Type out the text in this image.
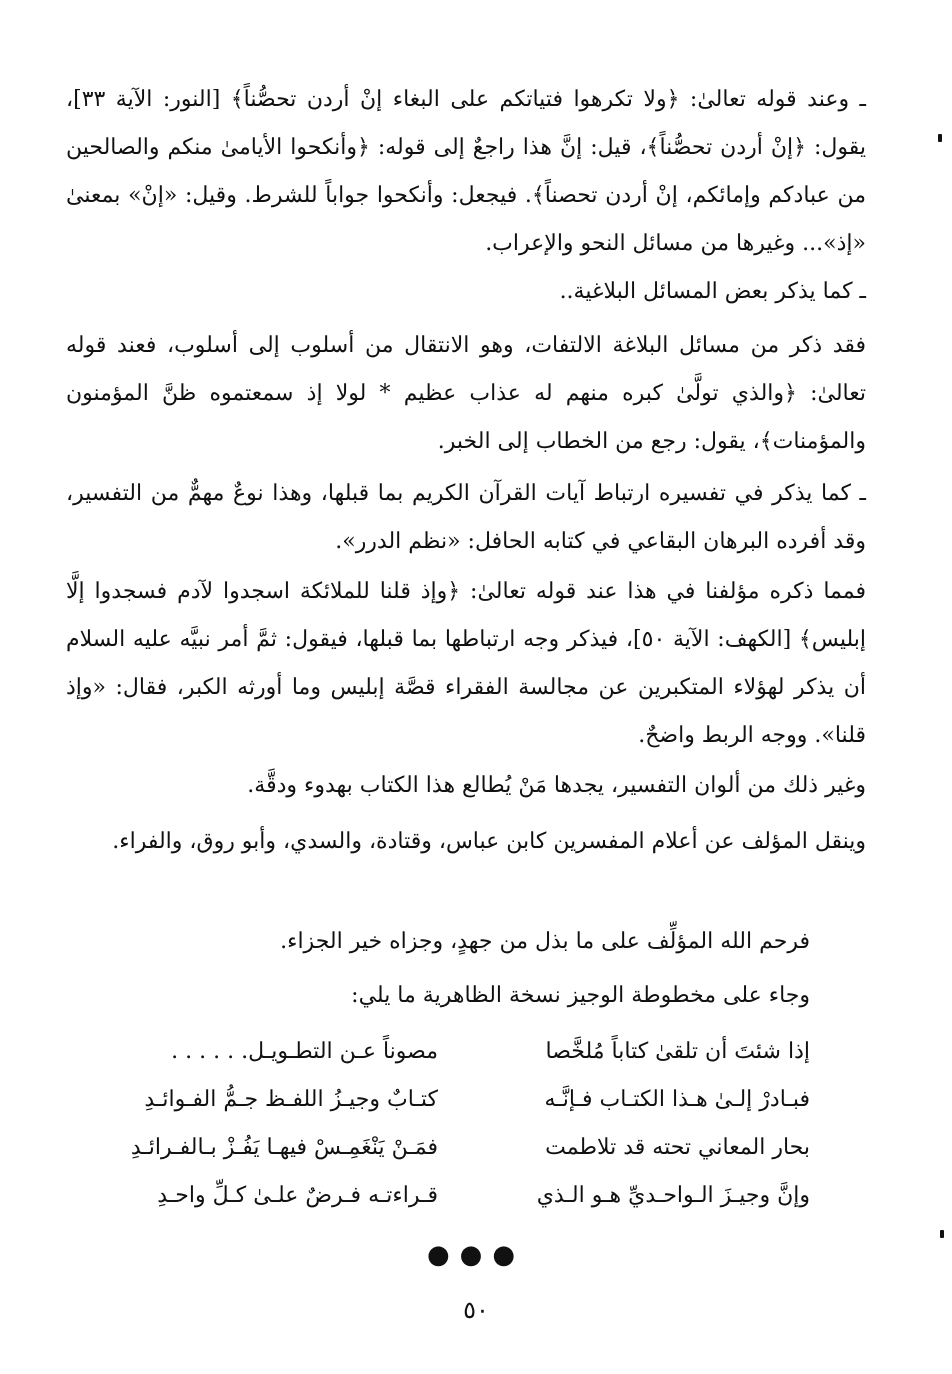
ـ وعند قوله تعالىٰ: ﴿ولا تكرهوا فتياتكم على البغاء إنْ أردن تحصُّناً﴾ [النور: الآية ٣٣]، يقول: ﴿إنْ أردن تحصُّناً﴾، قيل: إنَّ هذا راجعٌ إلى قوله: ﴿وأنكحوا الأيامىٰ منكم والصالحين من عبادكم وإمائكم، إنْ أردن تحصناً﴾. فيجعل: وأنكحوا جواباً للشرط. وقيل: «إنْ» بمعنىٰ «إذ»... وغيرها من مسائل النحو والإعراب.

ـ كما يذكر بعض المسائل البلاغية..

فقد ذكر من مسائل البلاغة الالتفات، وهو الانتقال من أسلوب إلى أسلوب، فعند قوله تعالىٰ: ﴿والذي تولَّىٰ كبره منهم له عذاب عظيم * لولا إذ سمعتموه ظنَّ المؤمنون والمؤمنات﴾، يقول: رجع من الخطاب إلى الخبر.

ـ كما يذكر في تفسيره ارتباط آيات القرآن الكريم بما قبلها، وهذا نوعٌ مهمٌّ من التفسير، وقد أفرده البرهان البقاعي في كتابه الحافل: «نظم الدرر».

فمما ذكره مؤلفنا في هذا عند قوله تعالىٰ: ﴿وإذ قلنا للملائكة اسجدوا لآدم فسجدوا إلَّا إبليس﴾ [الكهف: الآية ٥٠]، فيذكر وجه ارتباطها بما قبلها، فيقول: ثمَّ أمر نبيَّه عليه السلام أن يذكر لهؤلاء المتكبرين عن مجالسة الفقراء قصَّة إبليس وما أورثه الكبر، فقال: «وإذ قلنا». ووجه الربط واضحٌ.

وغير ذلك من ألوان التفسير، يجدها مَنْ يُطالع هذا الكتاب بهدوء ودقَّة.

وينقل المؤلف عن أعلام المفسرين كابن عباس، وقتادة، والسدي، وأبو روق، والفراء.

فرحم الله المؤلِّف على ما بذل من جهدٍ، وجزاه خير الجزاء.
وجاء على مخطوطة الوجيز نسخة الظاهرية ما يلي:
إذا شئتَ أن تلقىٰ كتاباً مُلخَّصا
مصوناً عـن التطـويـل. . . . . .
فبـادرْ إلـىٰ هـذا الكتـاب فـإنَّـه
كتـابٌ وجيـزُ اللفـظ جـمُّ الفـوائـدِ
بحار المعاني تحته قد تلاطمت
فمَـنْ يَنْغَمِـسْ فيهـا يَفُـزْ بـالفـرائـدِ
وإنَّ وجيـزَ الـواحـديِّ هـو الـذي
قـراءتـه فـرضٌ علـىٰ كـلِّ واحـدِ
●●●
٥٠
